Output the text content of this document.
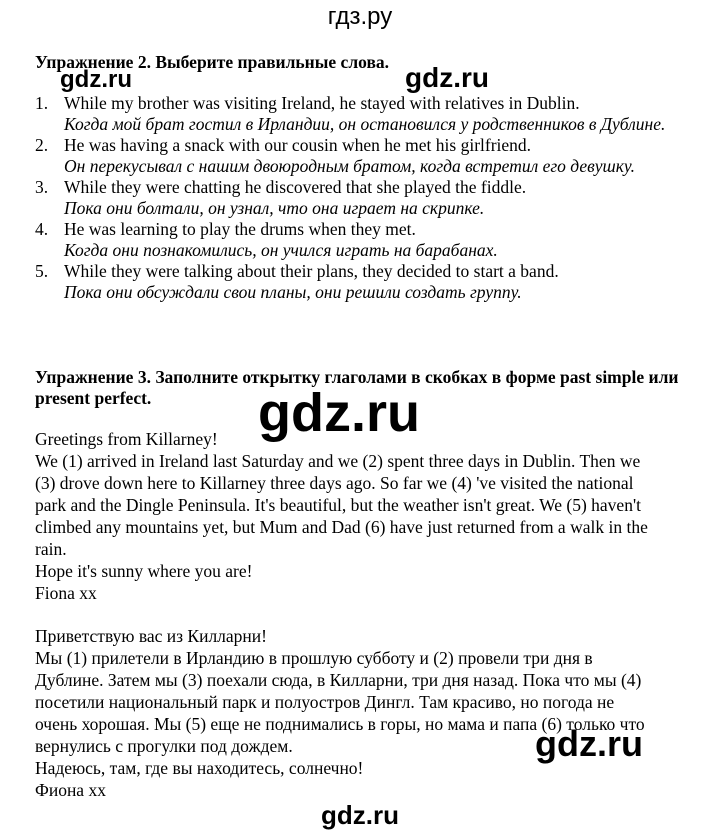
гдз.ру
Упражнение 2. Выберите правильные слова.
gdz.ru	gdz.ru
1. While my brother was visiting Ireland, he stayed with relatives in Dublin.
Когда мой брат гостил в Ирландии, он остановился у родственников в Дублине.
2. He was having a snack with our cousin when he met his girlfriend.
Он перекусывал с нашим двоюродным братом, когда встретил его девушку.
3. While they were chatting he discovered that she played the fiddle.
Пока они болтали, он узнал, что она играет на скрипке.
4. He was learning to play the drums when they met.
Когда они познакомились, он учился играть на барабанах.
5. While they were talking about their plans, they decided to start a band.
Пока они обсуждали свои планы, они решили создать группу.
Упражнение 3. Заполните открытку глаголами в скобках в форме past simple или present perfect.	gdz.ru

Greetings from Killarney!

We (1) arrived in Ireland last Saturday and we (2) spent three days in Dublin. Then we (3) drove down here to Killarney three days ago. So far we (4) 've visited the national park and the Dingle Peninsula. It's beautiful, but the weather isn't great. We (5) haven't climbed any mountains yet, but Mum and Dad (6) have just returned from a walk in the rain.

Hope it's sunny where you are!

Fiona xx

Приветствую вас из Килларни!

Мы (1) прилетели в Ирландию в прошлую субботу и (2) провели три дня в Дублине. Затем мы (3) поехали сюда, в Килларни, три дня назад. Пока что мы (4) посетили национальный парк и полуостров Дингл. Там красиво, но погода не очень хорошая. Мы (5) еще не поднимались в горы, но мама и папа (6) только что вернулись с прогулки под дождем.

Надеюсь, там, где вы находитесь, солнечно!

Фиона хх

gdz.ru
gdz.ru
